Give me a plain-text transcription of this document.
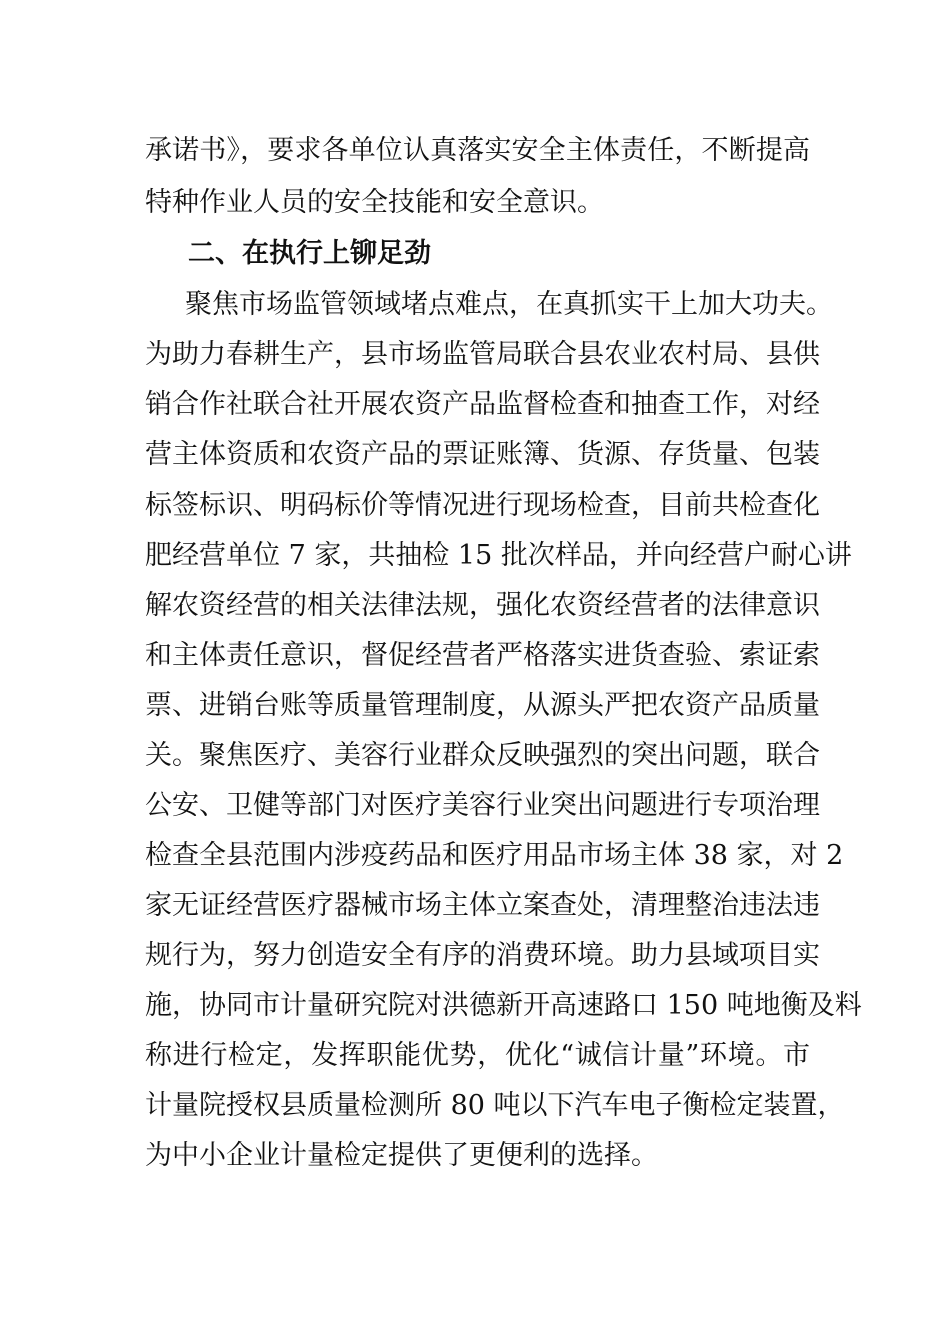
承诺书》，要求各单位认真落实安全主体责任，不断提高
特种作业人员的安全技能和安全意识。
二、在执行上铆足劲
聚焦市场监管领域堵点难点，在真抓实干上加大功夫。
为助力春耕生产，县市场监管局联合县农业农村局、县供
销合作社联合社开展农资产品监督检查和抽查工作，对经
营主体资质和农资产品的票证账簿、货源、存货量、包装
标签标识、明码标价等情况进行现场检查，目前共检查化
肥经营单位 7 家，共抽检 15 批次样品，并向经营户耐心讲
解农资经营的相关法律法规，强化农资经营者的法律意识
和主体责任意识，督促经营者严格落实进货查验、索证索
票、进销台账等质量管理制度，从源头严把农资产品质量
关。聚焦医疗、美容行业群众反映强烈的突出问题，联合
公安、卫健等部门对医疗美容行业突出问题进行专项治理
检查全县范围内涉疫药品和医疗用品市场主体 38 家，对 2
家无证经营医疗器械市场主体立案查处，清理整治违法违
规行为，努力创造安全有序的消费环境。助力县域项目实
施，协同市计量研究院对洪德新开高速路口 150 吨地衡及料
称进行检定，发挥职能优势，优化“诚信计量”环境。市
计量院授权县质量检测所 80 吨以下汽车电子衡检定装置，
为中小企业计量检定提供了更便利的选择。
